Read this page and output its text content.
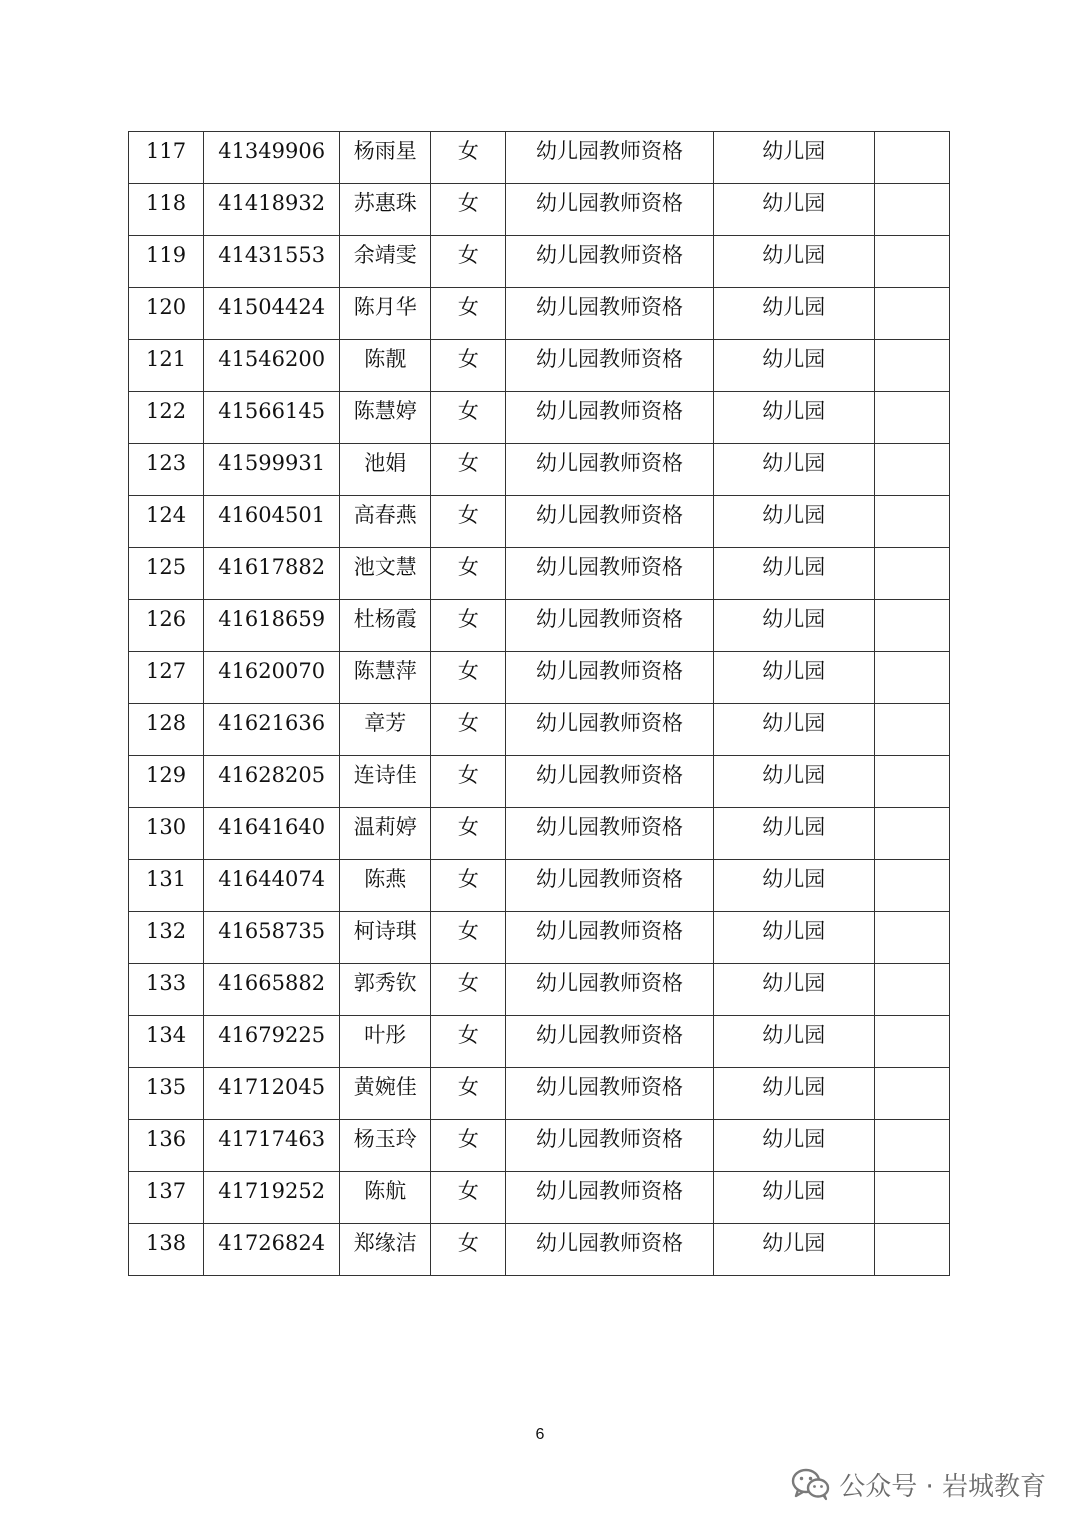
117	41349906	杨雨星	女	幼儿园教师资格	幼儿园	
118	41418932	苏惠珠	女	幼儿园教师资格	幼儿园	
119	41431553	余靖雯	女	幼儿园教师资格	幼儿园	
120	41504424	陈月华	女	幼儿园教师资格	幼儿园	
121	41546200	陈靓	女	幼儿园教师资格	幼儿园	
122	41566145	陈慧婷	女	幼儿园教师资格	幼儿园	
123	41599931	池娟	女	幼儿园教师资格	幼儿园	
124	41604501	高春燕	女	幼儿园教师资格	幼儿园	
125	41617882	池文慧	女	幼儿园教师资格	幼儿园	
126	41618659	杜杨霞	女	幼儿园教师资格	幼儿园	
127	41620070	陈慧萍	女	幼儿园教师资格	幼儿园	
128	41621636	章芳	女	幼儿园教师资格	幼儿园	
129	41628205	连诗佳	女	幼儿园教师资格	幼儿园	
130	41641640	温莉婷	女	幼儿园教师资格	幼儿园	
131	41644074	陈燕	女	幼儿园教师资格	幼儿园	
132	41658735	柯诗琪	女	幼儿园教师资格	幼儿园	
133	41665882	郭秀钦	女	幼儿园教师资格	幼儿园	
134	41679225	叶彤	女	幼儿园教师资格	幼儿园	
135	41712045	黄婉佳	女	幼儿园教师资格	幼儿园	
136	41717463	杨玉玲	女	幼儿园教师资格	幼儿园	
137	41719252	陈航	女	幼儿园教师资格	幼儿园	
138	41726824	郑缘洁	女	幼儿园教师资格	幼儿园	
6
公众号 · 岩城教育
